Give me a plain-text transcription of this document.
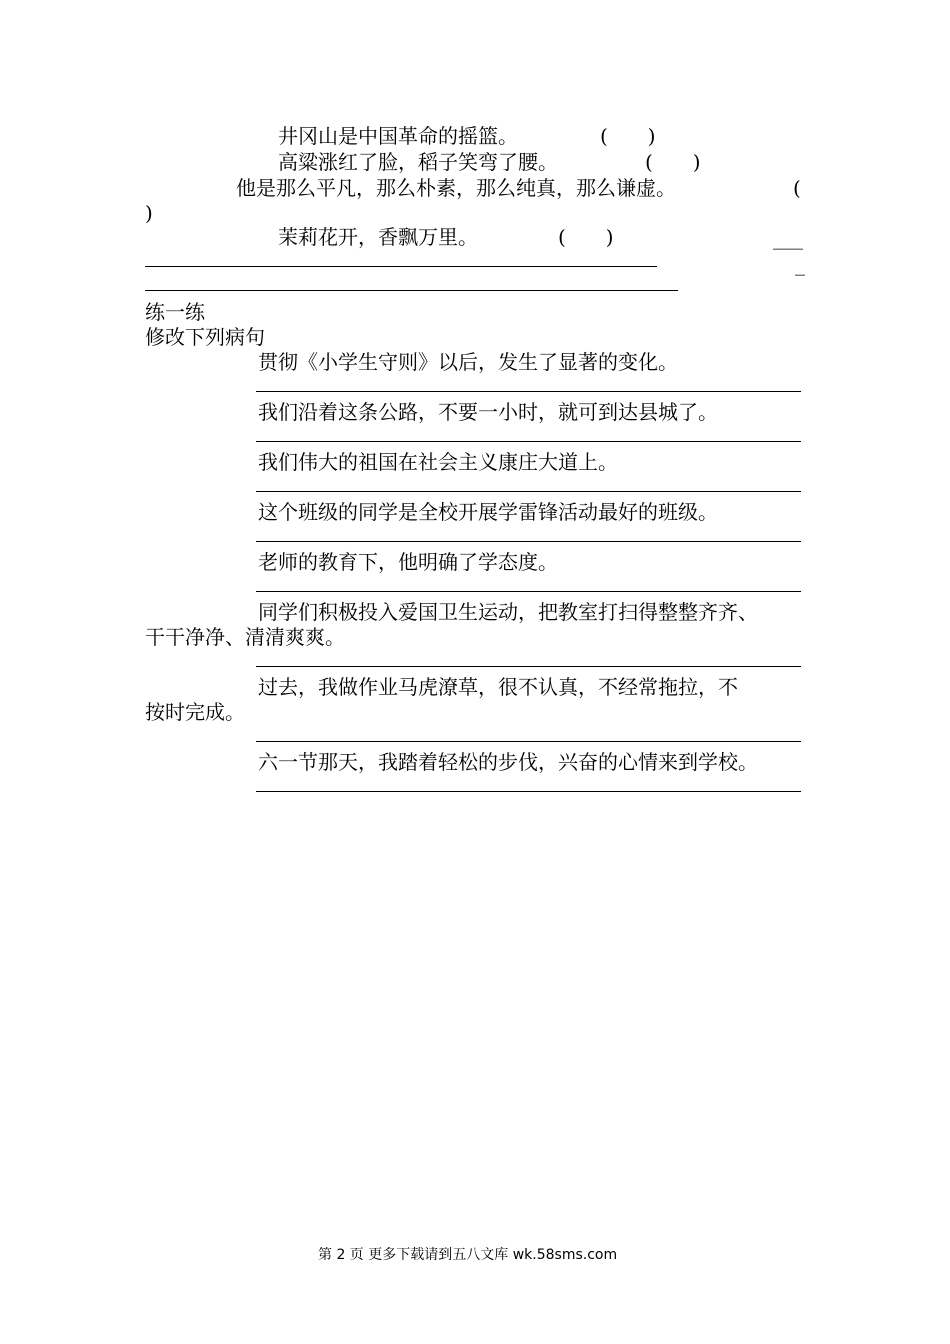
井冈山是中国革命的摇篮。	(　　)
高粱涨红了脸，稻子笑弯了腰。	(　　)
他是那么平凡，那么朴素，那么纯真，那么谦虚。	(
)
茉莉花开，香飘万里。	(　　)	___
_
练一练
修改下列病句
贯彻《小学生守则》以后，发生了显著的变化。
我们沿着这条公路，不要一小时，就可到达县城了。
我们伟大的祖国在社会主义康庄大道上。
这个班级的同学是全校开展学雷锋活动最好的班级。
老师的教育下，他明确了学态度。
同学们积极投入爱国卫生运动，把教室打扫得整整齐齐、
干干净净、清清爽爽。
过去，我做作业马虎潦草，很不认真，不经常拖拉，不
按时完成。
六一节那天，我踏着轻松的步伐，兴奋的心情来到学校。
第 2 页 更多下载请到五八文库 wk.58sms.com
